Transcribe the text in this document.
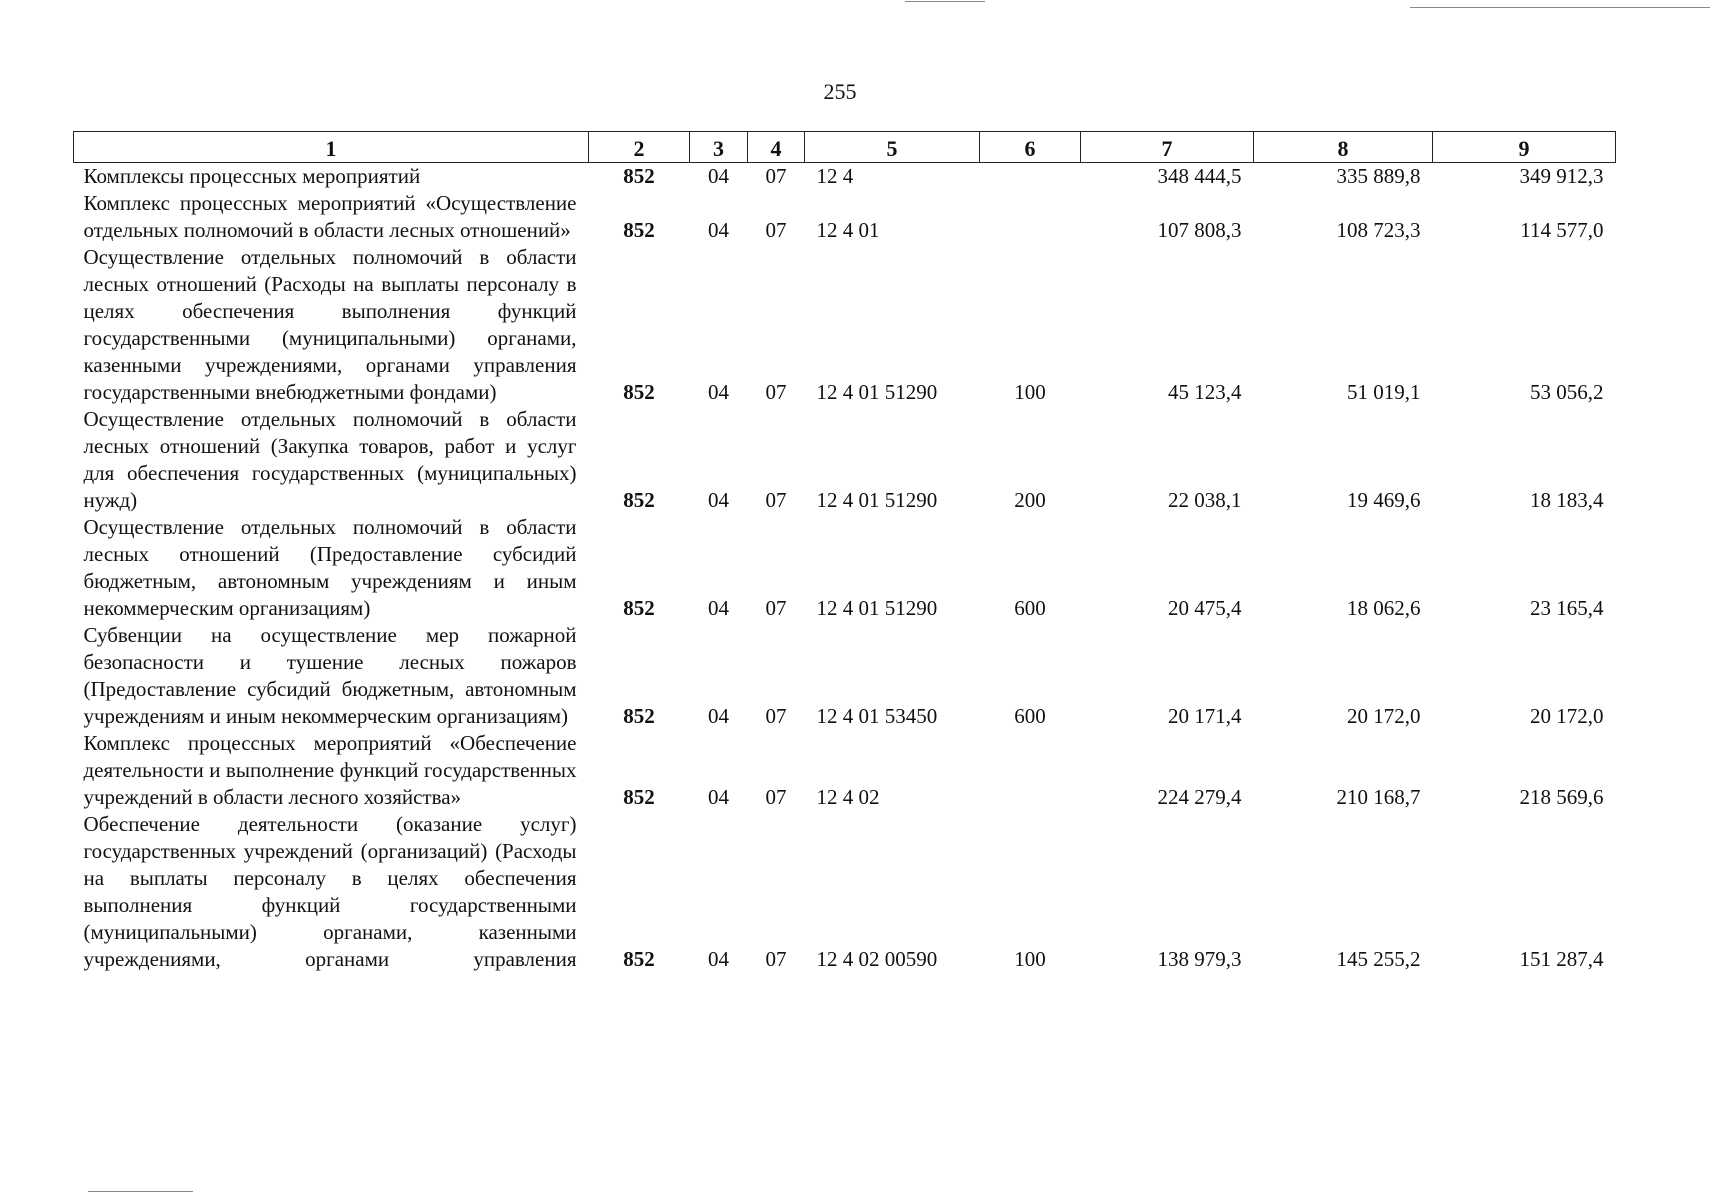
255
1	2	3	4	5	6	7	8	9
Комплексы процессных мероприятий	852	04	07	12 4		348 444,5	335 889,8	349 912,3
Комплекс процессных мероприятий «Осуществление отдельных полномочий в области лесных отношений»	852	04	07	12 4 01		107 808,3	108 723,3	114 577,0
Осуществление отдельных полномочий в области лесных отношений (Расходы на выплаты персоналу в целях обеспечения выполнения функций государственными (муниципальными) органами, казенными учреждениями, органами управления государственными внебюджетными фондами)	852	04	07	12 4 01 51290	100	45 123,4	51 019,1	53 056,2
Осуществление отдельных полномочий в области лесных отношений (Закупка товаров, работ и услуг для обеспечения государственных (муниципальных) нужд)	852	04	07	12 4 01 51290	200	22 038,1	19 469,6	18 183,4
Осуществление отдельных полномочий в области лесных отношений (Предоставление субсидий бюджетным, автономным учреждениям и иным некоммерческим организациям)	852	04	07	12 4 01 51290	600	20 475,4	18 062,6	23 165,4
Субвенции на осуществление мер пожарной безопасности и тушение лесных пожаров (Предоставление субсидий бюджетным, автономным учреждениям и иным некоммерческим организациям)	852	04	07	12 4 01 53450	600	20 171,4	20 172,0	20 172,0
Комплекс процессных мероприятий «Обеспечение деятельности и выполнение функций государственных учреждений в области лесного хозяйства»	852	04	07	12 4 02		224 279,4	210 168,7	218 569,6
Обеспечение деятельности (оказание услуг) государственных учреждений (организаций) (Расходы на выплаты персоналу в целях обеспечения выполнения функций государственными (муниципальными) органами, казенными учреждениями, органами управления	852	04	07	12 4 02 00590	100	138 979,3	145 255,2	151 287,4
